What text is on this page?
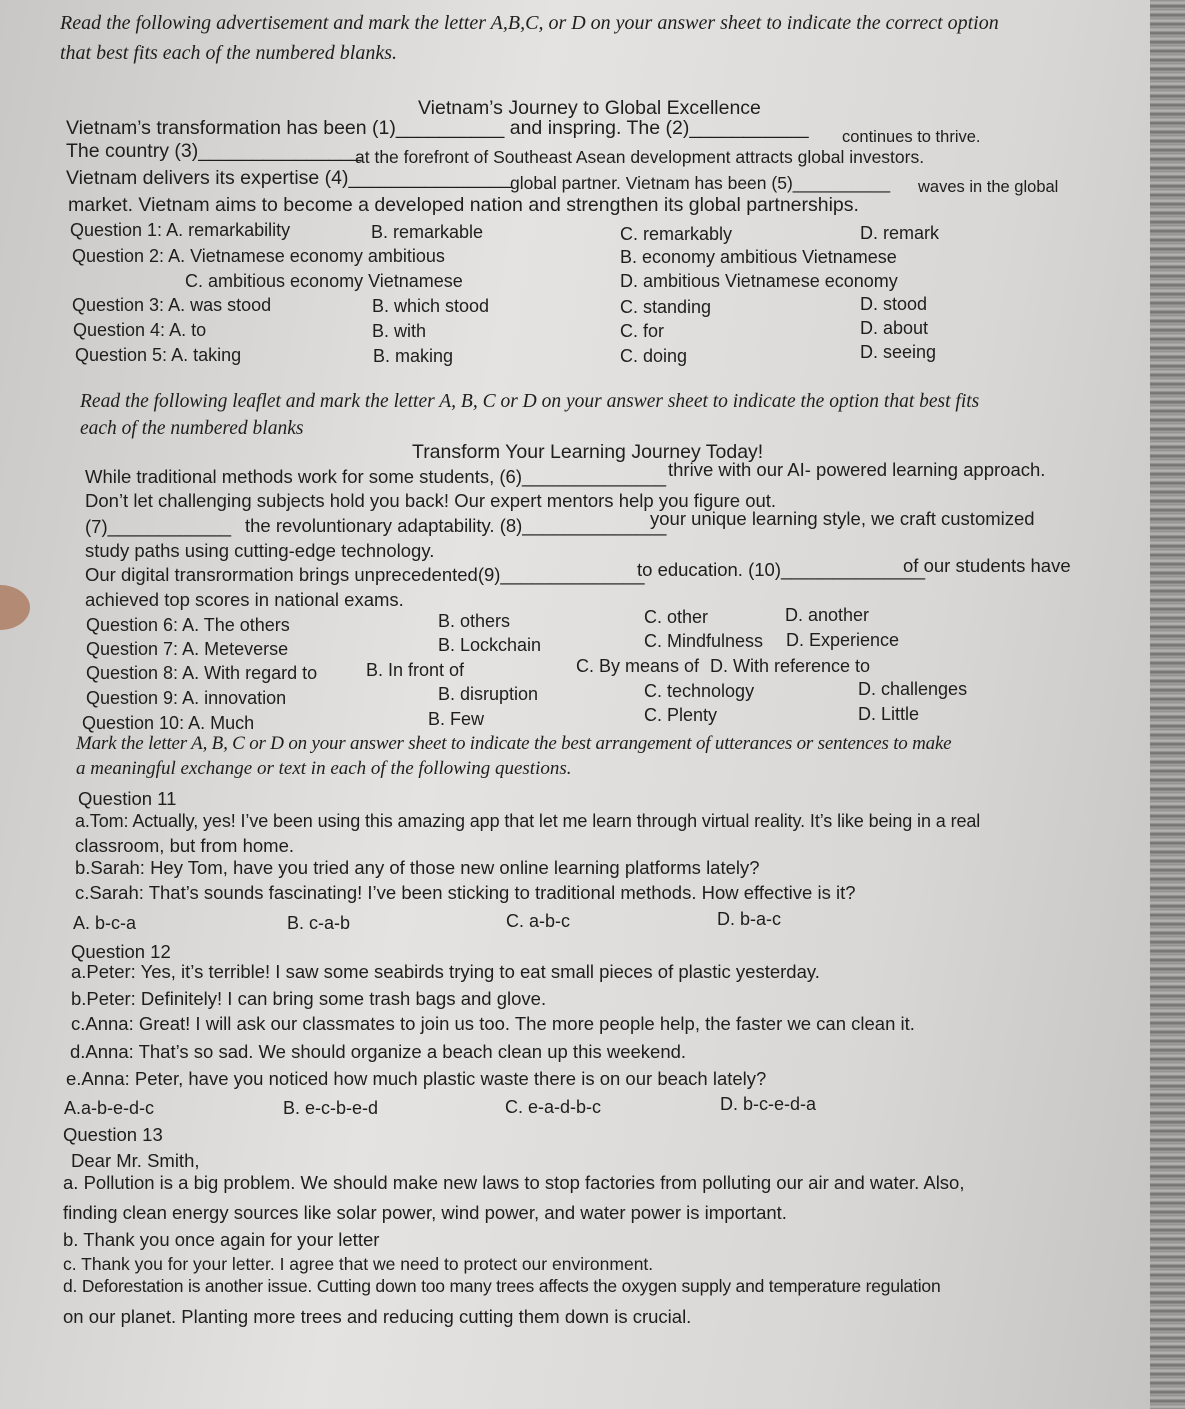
Read the following advertisement and mark the letter A,B,C, or D on your answer sheet to indicate the correct option
that best fits each of the numbered blanks.
Vietnam’s Journey to Global Excellence
Vietnam’s transformation has been (1)__________ and inspring. The (2)___________ continues to thrive.
The country (3)_______________
at the forefront of Southeast Asean development attracts global investors.
Vietnam delivers its expertise (4)_______________
global partner. Vietnam has been (5)__________ waves in the global
market. Vietnam aims to become a developed nation and strengthen its global partnerships.
Question 1: A. remarkability	B. remarkable	C. remarkably	D. remark
Question 2: A. Vietnamese economy ambitious	B. economy ambitious Vietnamese
C. ambitious economy Vietnamese	D. ambitious Vietnamese economy
Question 3: A. was stood	B. which stood	C. standing	D. stood
Question 4: A. to	B. with	C. for	D. about
Question 5: A. taking	B. making	C. doing	D. seeing
Read the following leaflet and mark the letter A, B, C or D on your answer sheet to indicate the option that best fits
each of the numbered blanks
Transform Your Learning Journey Today!
While traditional methods work for some students, (6)______________ thrive with our AI- powered learning approach.
Don’t let challenging subjects hold you back! Our expert mentors help you figure out.
(7)____________ the revoluntionary adaptability. (8)______________
your unique learning style, we craft customized
study paths using cutting-edge technology.
Our digital transrormation brings unprecedented(9)______________
to education. (10)______________
of our students have
achieved top scores in national exams.
Question 6: A. The others	B. others	C. other	D. another
Question 7: A. Meteverse	B. Lockchain	C. Mindfulness D. Experience
Question 8: A. With regard to	B. In front of	C. By means of D. With reference to
Question 9: A. innovation	B. disruption	C. technology	D. challenges
Question 10: A. Much	B. Few	C. Plenty	D. Little
Mark the letter A, B, C or D on your answer sheet to indicate the best arrangement of utterances or sentences to make
a meaningful exchange or text in each of the following questions.
Question 11
a.Tom: Actually, yes! I’ve been using this amazing app that let me learn through virtual reality. It’s like being in a real
classroom, but from home.
b.Sarah: Hey Tom, have you tried any of those new online learning platforms lately?
c.Sarah: That’s sounds fascinating! I’ve been sticking to traditional methods. How effective is it?
A. b-c-a	B. c-a-b	C. a-b-c	D. b-a-c
Question 12
a.Peter: Yes, it’s terrible! I saw some seabirds trying to eat small pieces of plastic yesterday.
b.Peter: Definitely! I can bring some trash bags and glove.
c.Anna: Great! I will ask our classmates to join us too. The more people help, the faster we can clean it.
d.Anna: That’s so sad. We should organize a beach clean up this weekend.
e.Anna: Peter, have you noticed how much plastic waste there is on our beach lately?
A.a-b-e-d-c	B. e-c-b-e-d	C. e-a-d-b-c	D. b-c-e-d-a
Question 13
Dear Mr. Smith,
a. Pollution is a big problem. We should make new laws to stop factories from polluting our air and water. Also,
finding clean energy sources like solar power, wind power, and water power is important.
b. Thank you once again for your letter
c. Thank you for your letter. I agree that we need to protect our environment.
d. Deforestation is another issue. Cutting down too many trees affects the oxygen supply and temperature regulation
on our planet. Planting more trees and reducing cutting them down is crucial.
